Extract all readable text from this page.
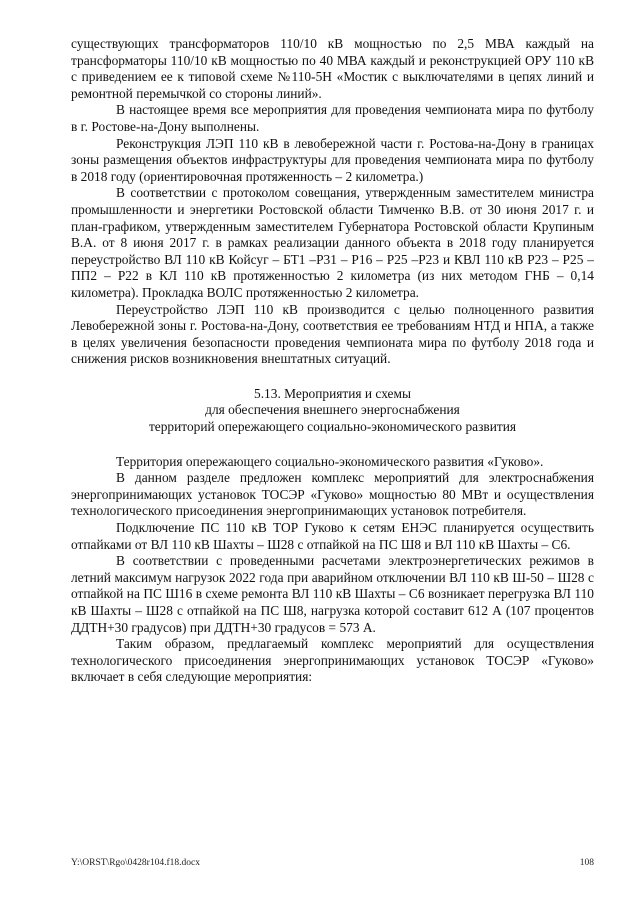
существующих трансформаторов 110/10 кВ мощностью по 2,5 МВА каждый на трансформаторы 110/10 кВ мощностью по 40 МВА каждый и реконструкцией ОРУ 110 кВ с приведением ее к типовой схеме №110-5Н «Мостик с выключателями в цепях линий и ремонтной перемычкой со стороны линий».

В настоящее время все мероприятия для проведения чемпионата мира по футболу в г. Ростове-на-Дону выполнены.

Реконструкция ЛЭП 110 кВ в левобережной части г. Ростова-на-Дону в границах зоны размещения объектов инфраструктуры для проведения чемпионата мира по футболу в 2018 году (ориентировочная протяженность – 2 километра.)

В соответствии с протоколом совещания, утвержденным заместителем министра промышленности и энергетики Ростовской области Тимченко В.В. от 30 июня 2017 г. и план-графиком, утвержденным заместителем Губернатора Ростовской области Крупиным В.А. от 8 июня 2017 г. в рамках реализации данного объекта в 2018 году планируется переустройство ВЛ 110 кВ Койсуг – БТ1 –Р31 – Р16 – Р25 –Р23 и КВЛ 110 кВ Р23 – Р25 – ПП2 – Р22 в КЛ 110 кВ протяженностью 2 километра (из них методом ГНБ – 0,14 километра). Прокладка ВОЛС протяженностью 2 километра.

Переустройство ЛЭП 110 кВ производится с целью полноценного развития Левобережной зоны г. Ростова-на-Дону, соответствия ее требованиям НТД и НПА, а также в целях увеличения безопасности проведения чемпионата мира по футболу 2018 года и снижения рисков возникновения внештатных ситуаций.

5.13. Мероприятия и схемы
для обеспечения внешнего энергоснабжения
территорий опережающего социально-экономического развития

Территория опережающего социально-экономического развития «Гуково».

В данном разделе предложен комплекс мероприятий для электроснабжения энергопринимающих установок ТОСЭР «Гуково» мощностью 80 МВт и осуществления технологического присоединения энергопринимающих установок потребителя.

Подключение ПС 110 кВ ТОР Гуково к сетям ЕНЭС планируется осуществить отпайками от ВЛ 110 кВ Шахты – Ш28 с отпайкой на ПС Ш8 и ВЛ 110 кВ Шахты – С6.

В соответствии с проведенными расчетами электроэнергетических режимов в летний максимум нагрузок 2022 года при аварийном отключении ВЛ 110 кВ Ш-50 – Ш28 с отпайкой на ПС Ш16 в схеме ремонта ВЛ 110 кВ Шахты – С6 возникает перегрузка ВЛ 110 кВ Шахты – Ш28 с отпайкой на ПС Ш8, нагрузка которой составит 612 А (107 процентов ДДТН+30 градусов) при ДДТН+30 градусов = 573 А.

Таким образом, предлагаемый комплекс мероприятий для осуществления технологического присоединения энергопринимающих установок ТОСЭР «Гуково» включает в себя следующие мероприятия:

Y:\ORST\Rgo\0428r104.f18.docx	108
